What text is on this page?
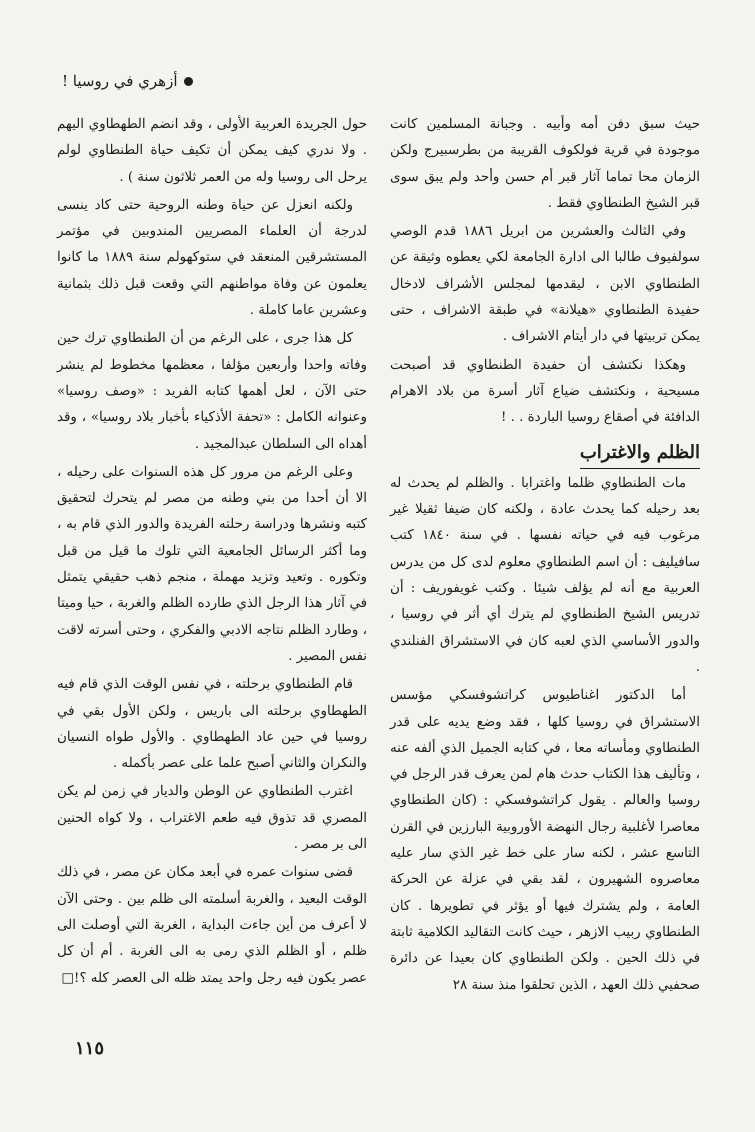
أزهري في روسيا !

حيث سبق دفن أمه وأبيه . وجبانة المسلمين كانت موجودة في قرية فولكوف القريبة من بطرسبيرج ولكن الزمان محا تماما آثار قبر أم حسن وأحد ولم يبق سوى قبر الشيخ الطنطاوي فقط .

وفي الثالث والعشرين من ابريل ١٨٨٦ قدم الوصي سولفيوف طالبا الى ادارة الجامعة لكي يعطوه وثيقة عن الطنطاوي الابن ، ليقدمها لمجلس الأشراف لادخال حفيدة الطنطاوي «هيلانة» في طبقة الاشراف ، حتى يمكن تربيتها في دار أيتام الاشراف .

وهكذا نكتشف أن حفيدة الطنطاوي قد أصبحت مسيحية ، ونكتشف ضياع آثار أسرة من بلاد الاهرام الدافئة في أصقاع روسيا الباردة . . !

الظلم والاغتراب

مات الطنطاوي ظلما واغترابا . والظلم لم يحدث له بعد رحيله كما يحدث عادة ، ولكنه كان ضيفا ثقيلا غير مرغوب فيه في حياته نفسها . في سنة ١٨٤٠ كتب سافيليف : أن اسم الطنطاوي معلوم لدى كل من يدرس العربية مع أنه لم يؤلف شيئا . وكتب غويفوريف : أن تدريس الشيخ الطنطاوي لم يترك أي أثر في روسيا ، والدور الأساسي الذي لعبه كان في الاستشراق الفنلندي .

أما الدكتور اغناطيوس كراتشوفسكي مؤسس الاستشراق في روسيا كلها ، فقد وضع يديه على قدر الطنطاوي ومأساته معا ، في كتابه الجميل الذي ألفه عنه ، وتأليف هذا الكتاب حدث هام لمن يعرف قدر الرجل في روسيا والعالم . يقول كراتشوفسكي : (كان الطنطاوي معاصرا لأغلبية رجال النهضة الأوروبية البارزين في القرن التاسع عشر ، لكنه سار على خط غير الذي سار عليه معاصروه الشهيرون ، لقد بقي في عزلة عن الحركة العامة ، ولم يشترك فيها أو يؤثر في تطويرها . كان الطنطاوي ربيب الازهر ، حيث كانت التقاليد الكلامية ثابتة في ذلك الحين . ولكن الطنطاوي كان بعيدا عن دائرة صحفيي ذلك العهد ، الذين تحلقوا منذ سنة ٢٨

حول الجريدة العربية الأولى ، وقد انضم الطهطاوي اليهم . ولا ندري كيف يمكن أن تكيف حياة الطنطاوي لولم يرحل الى روسيا وله من العمر ثلاثون سنة ) .

ولكنه انعزل عن حياة وطنه الروحية حتى كاد ينسى لدرجة أن العلماء المصريين المندوبين في مؤتمر المستشرقين المنعقد في ستوكهولم سنة ١٨٨٩ ما كانوا يعلمون عن وفاة مواطنهم التي وقعت قبل ذلك بثمانية وعشرين عاما كاملة .

كل هذا جرى ، على الرغم من أن الطنطاوي ترك حين وفاته واحدا وأربعين مؤلفا ، معظمها مخطوط لم ينشر حتى الآن ، لعل أهمها كتابه الفريد : «وصف روسيا» وعنوانه الكامل : «تحفة الأذكياء بأخبار بلاد روسيا» ، وقد أهداه الى السلطان عبدالمجيد .

وعلى الرغم من مرور كل هذه السنوات على رحيله ، الا أن أحدا من بني وطنه من مصر لم يتحرك لتحقيق كتبه ونشرها ودراسة رحلته الفريدة والدور الذي قام به ، وما أكثر الرسائل الجامعية التي تلوك ما قيل من قبل وتكوره . وتعيد وتزيد مهملة ، منجم ذهب حقيقي يتمثل في آثار هذا الرجل الذي طارده الظلم والغربة ، حيا وميتا ، وطارد الظلم نتاجه الادبي والفكري ، وحتى أسرته لاقت نفس المصير .

قام الطنطاوي برحلته ، في نفس الوقت الذي قام فيه الطهطاوي برحلته الى باريس ، ولكن الأول بقي في روسيا في حين عاد الطهطاوي . والأول طواه النسيان والنكران والثاني أصبح علما على عصر بأكمله .

اغترب الطنطاوي عن الوطن والديار في زمن لم يكن المصري قد تذوق فيه طعم الاغتراب ، ولا كواه الحنين الى بر مصر .

قضى سنوات عمره في أبعد مكان عن مصر ، في ذلك الوقت البعيد ، والغربة أسلمته الى ظلم بين . وحتى الآن لا أعرف من أين جاءت البداية ، الغربة التي أوصلت الى ظلم ، أو الظلم الذي رمى به الى الغربة . أم أن كل عصر يكون فيه رجل واحد يمتد ظله الى العصر كله ؟!□

١١٥
